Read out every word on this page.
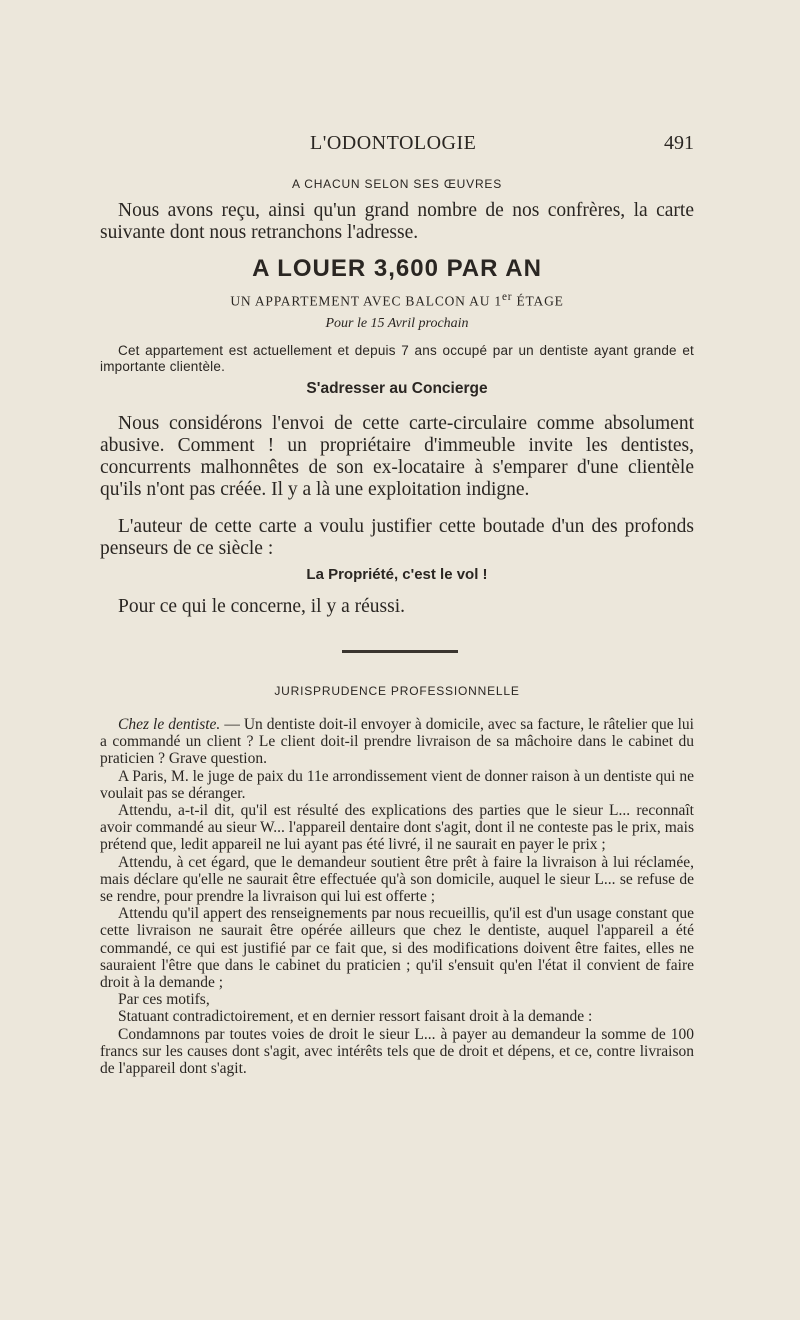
L'ODONTOLOGIE	491
A CHACUN SELON SES ŒUVRES

Nous avons reçu, ainsi qu'un grand nombre de nos confrères, la carte suivante dont nous retranchons l'adresse.

A LOUER 3,600 PAR AN
UN APPARTEMENT AVEC BALCON AU 1er ÉTAGE
Pour le 15 Avril prochain

Cet appartement est actuellement et depuis 7 ans occupé par un dentiste ayant grande et importante clientèle.

S'adresser au Concierge

Nous considérons l'envoi de cette carte-circulaire comme absolument abusive. Comment ! un propriétaire d'immeuble invite les dentistes, concurrents malhonnêtes de son ex-locataire à s'emparer d'une clientèle qu'ils n'ont pas créée. Il y a là une exploitation indigne.

L'auteur de cette carte a voulu justifier cette boutade d'un des profonds penseurs de ce siècle :

La Propriété, c'est le vol !

Pour ce qui le concerne, il y a réussi.

JURISPRUDENCE PROFESSIONNELLE

Chez le dentiste. — Un dentiste doit-il envoyer à domicile, avec sa facture, le râtelier que lui a commandé un client ? Le client doit-il prendre livraison de sa mâchoire dans le cabinet du praticien ? Grave question.

A Paris, M. le juge de paix du 11e arrondissement vient de donner raison à un dentiste qui ne voulait pas se déranger.

Attendu, a-t-il dit, qu'il est résulté des explications des parties que le sieur L... reconnaît avoir commandé au sieur W... l'appareil dentaire dont s'agit, dont il ne conteste pas le prix, mais prétend que, ledit appareil ne lui ayant pas été livré, il ne saurait en payer le prix ;

Attendu, à cet égard, que le demandeur soutient être prêt à faire la livraison à lui réclamée, mais déclare qu'elle ne saurait être effectuée qu'à son domicile, auquel le sieur L... se refuse de se rendre, pour prendre la livraison qui lui est offerte ;

Attendu qu'il appert des renseignements par nous recueillis, qu'il est d'un usage constant que cette livraison ne saurait être opérée ailleurs que chez le dentiste, auquel l'appareil a été commandé, ce qui est justifié par ce fait que, si des modifications doivent être faites, elles ne sauraient l'être que dans le cabinet du praticien ; qu'il s'ensuit qu'en l'état il convient de faire droit à la demande ;

Par ces motifs,

Statuant contradictoirement, et en dernier ressort faisant droit à la demande :

Condamnons par toutes voies de droit le sieur L... à payer au demandeur la somme de 100 francs sur les causes dont s'agit, avec intérêts tels que de droit et dépens, et ce, contre livraison de l'appareil dont s'agit.
